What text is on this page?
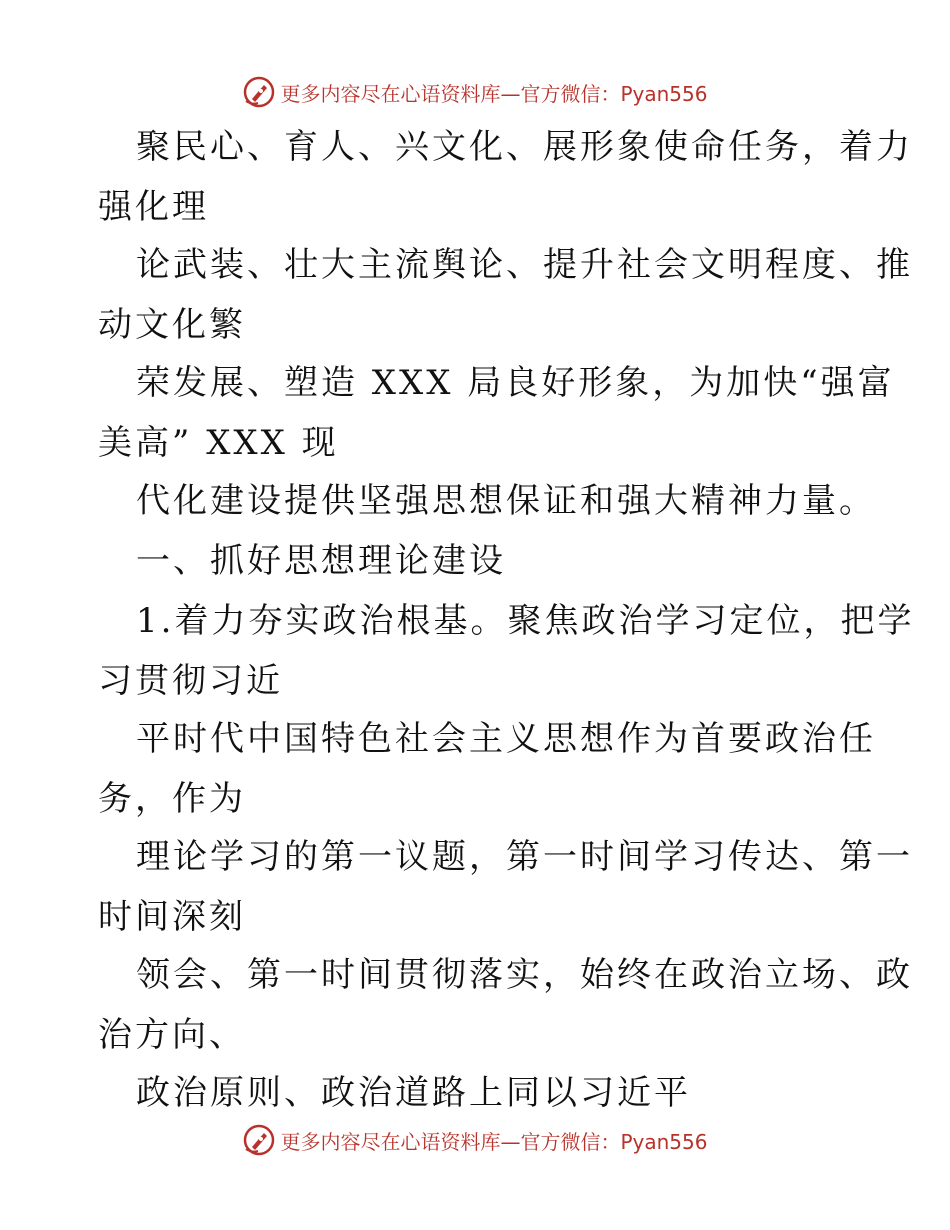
更多内容尽在心语资料库—官方微信：Pyan556
聚民心、育人、兴文化、展形象使命任务，着力
强化理
论武装、壮大主流舆论、提升社会文明程度、推
动文化繁
荣发展、塑造 XXX 局良好形象，为加快“强富
美高” XXX 现
代化建设提供坚强思想保证和强大精神力量。
一、抓好思想理论建设
1.着力夯实政治根基。聚焦政治学习定位，把学
习贯彻习近
平时代中国特色社会主义思想作为首要政治任
务，作为
理论学习的第一议题，第一时间学习传达、第一
时间深刻
领会、第一时间贯彻落实，始终在政治立场、政
治方向、
政治原则、政治道路上同以习近平
更多内容尽在心语资料库—官方微信：Pyan556
